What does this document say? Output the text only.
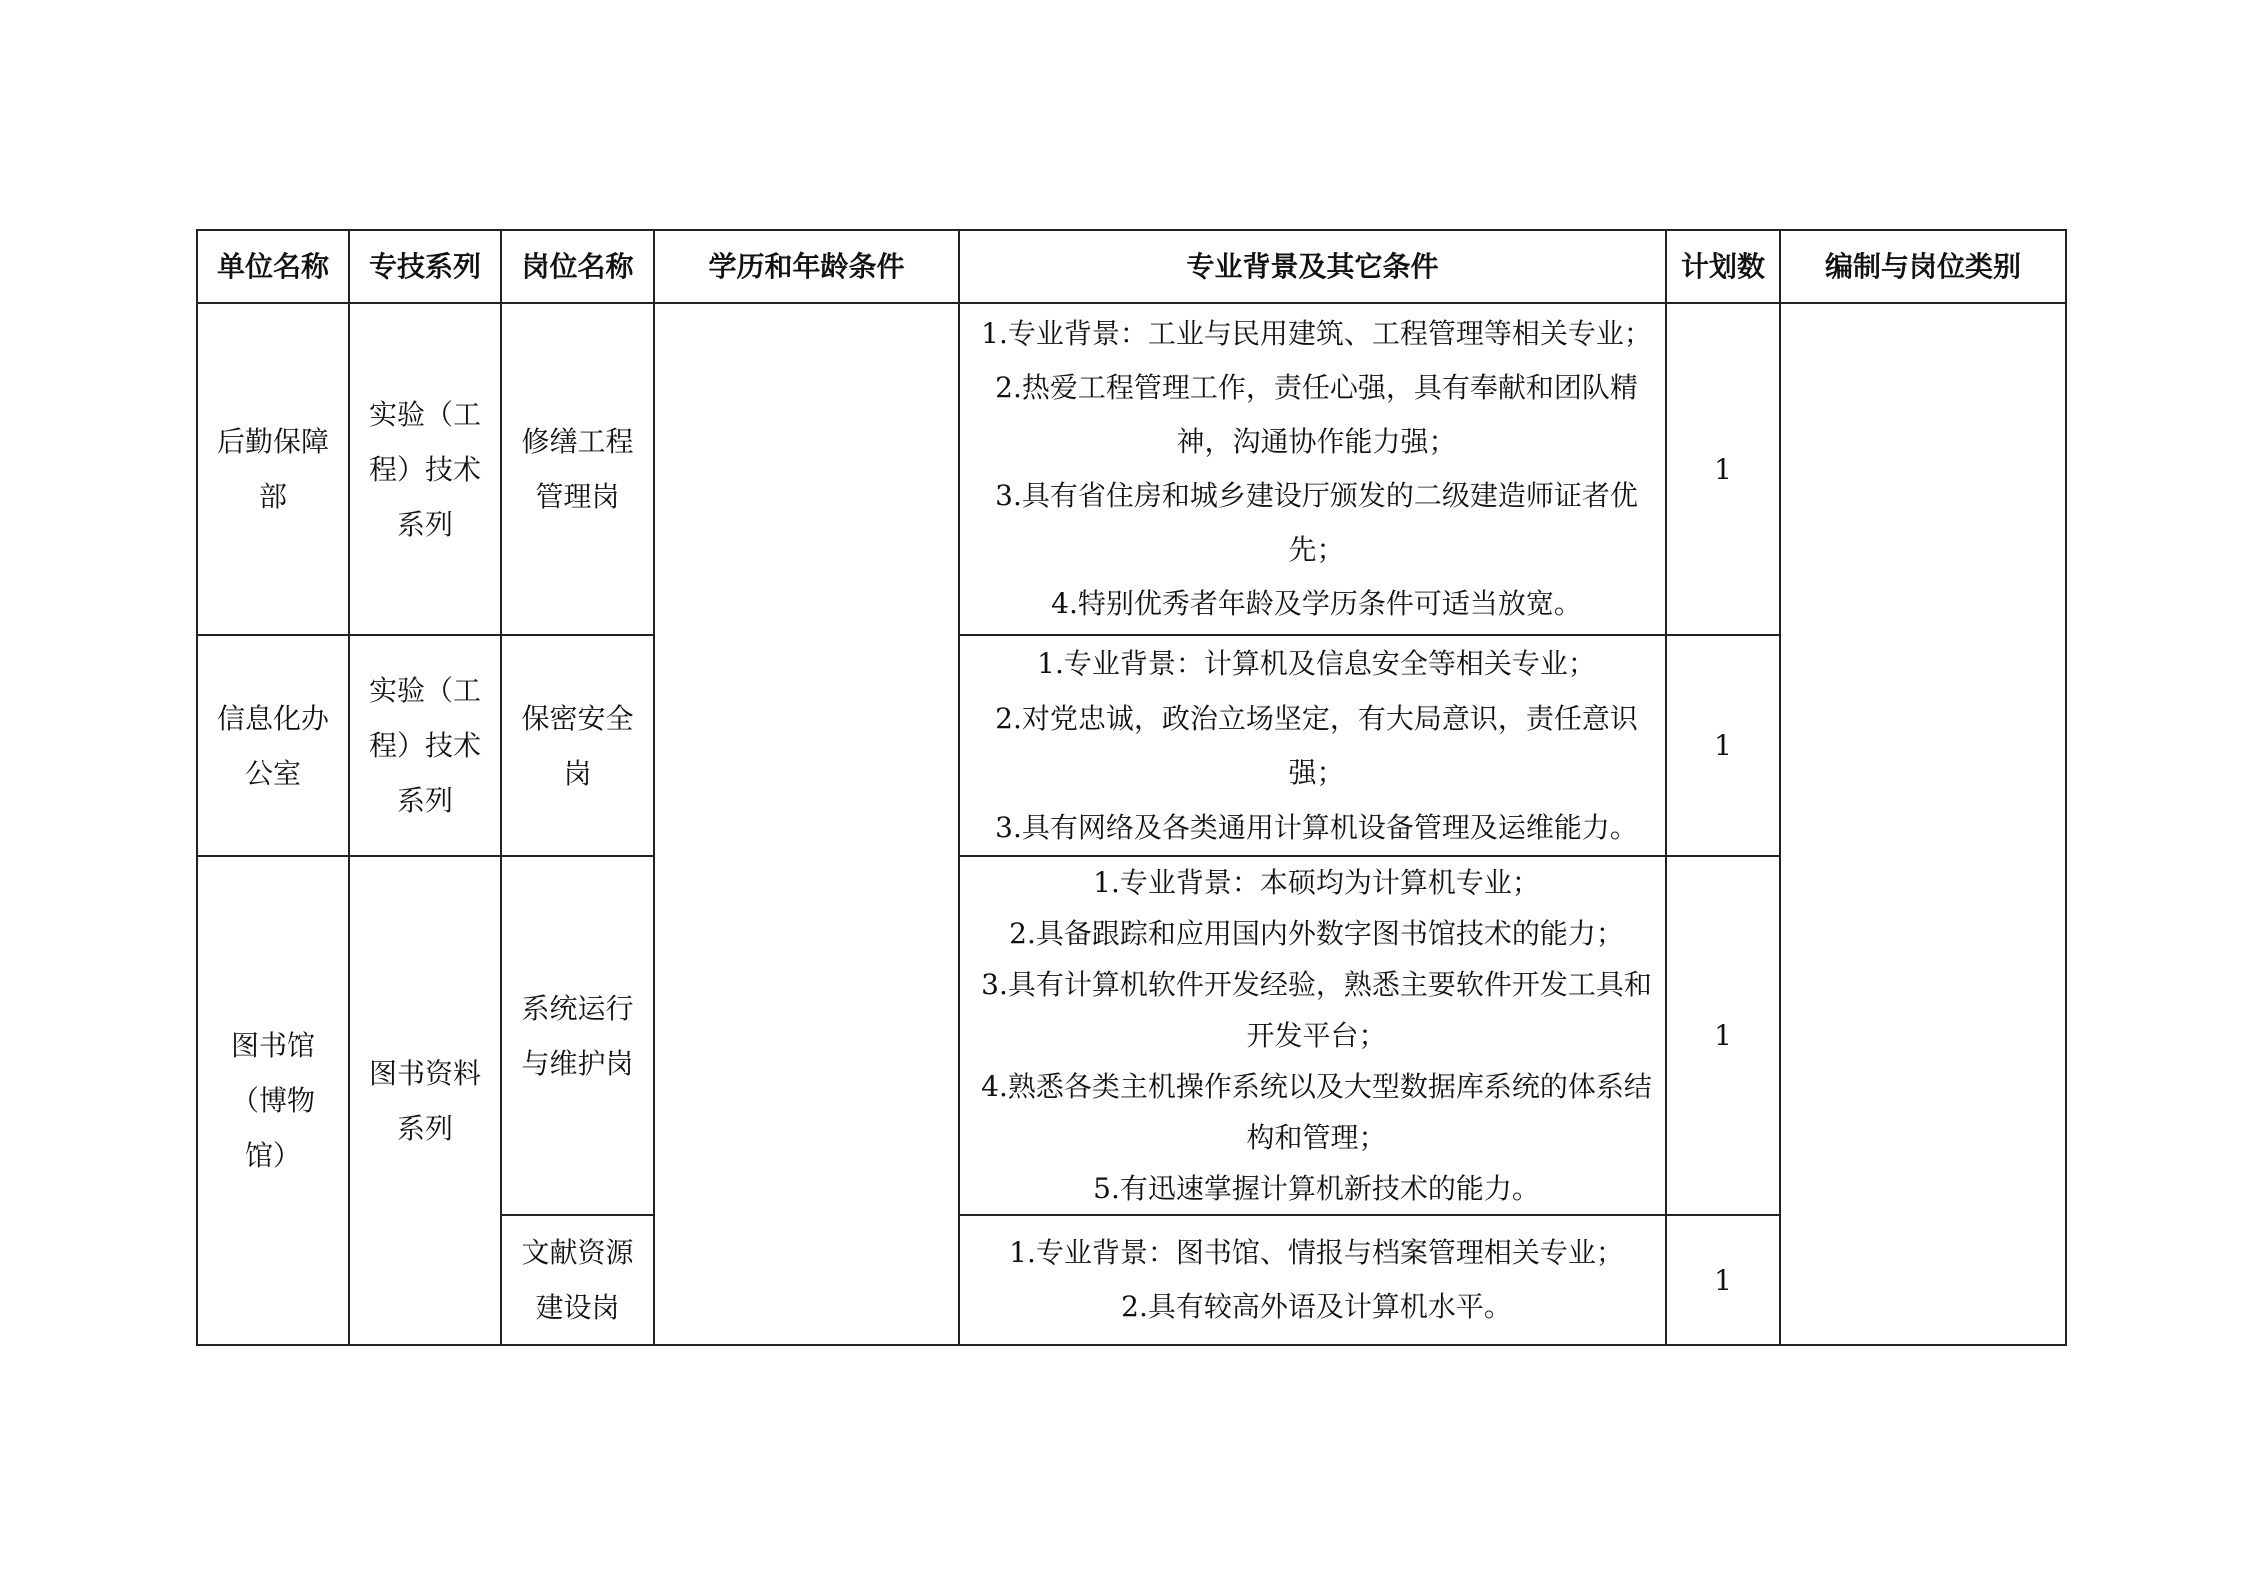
单位名称	专技系列	岗位名称	学历和年龄条件	专业背景及其它条件	计划数	编制与岗位类别
后勤保障部	实验（工程）技术系列	修缮工程管理岗		1.专业背景：工业与民用建筑、工程管理等相关专业；
2.热爱工程管理工作，责任心强，具有奉献和团队精神，沟通协作能力强；
3.具有省住房和城乡建设厅颁发的二级建造师证者优先；
4.特别优秀者年龄及学历条件可适当放宽。	1	
信息化办公室	实验（工程）技术系列	保密安全岗		1.专业背景：计算机及信息安全等相关专业；
2.对党忠诚，政治立场坚定，有大局意识，责任意识强；
3.具有网络及各类通用计算机设备管理及运维能力。	1	
图书馆（博物馆）	图书资料系列	系统运行与维护岗		1.专业背景：本硕均为计算机专业；
2.具备跟踪和应用国内外数字图书馆技术的能力；
3.具有计算机软件开发经验，熟悉主要软件开发工具和开发平台；
4.熟悉各类主机操作系统以及大型数据库系统的体系结构和管理；
5.有迅速掌握计算机新技术的能力。	1	
		文献资源建设岗		1.专业背景：图书馆、情报与档案管理相关专业；
2.具有较高外语及计算机水平。	1	
